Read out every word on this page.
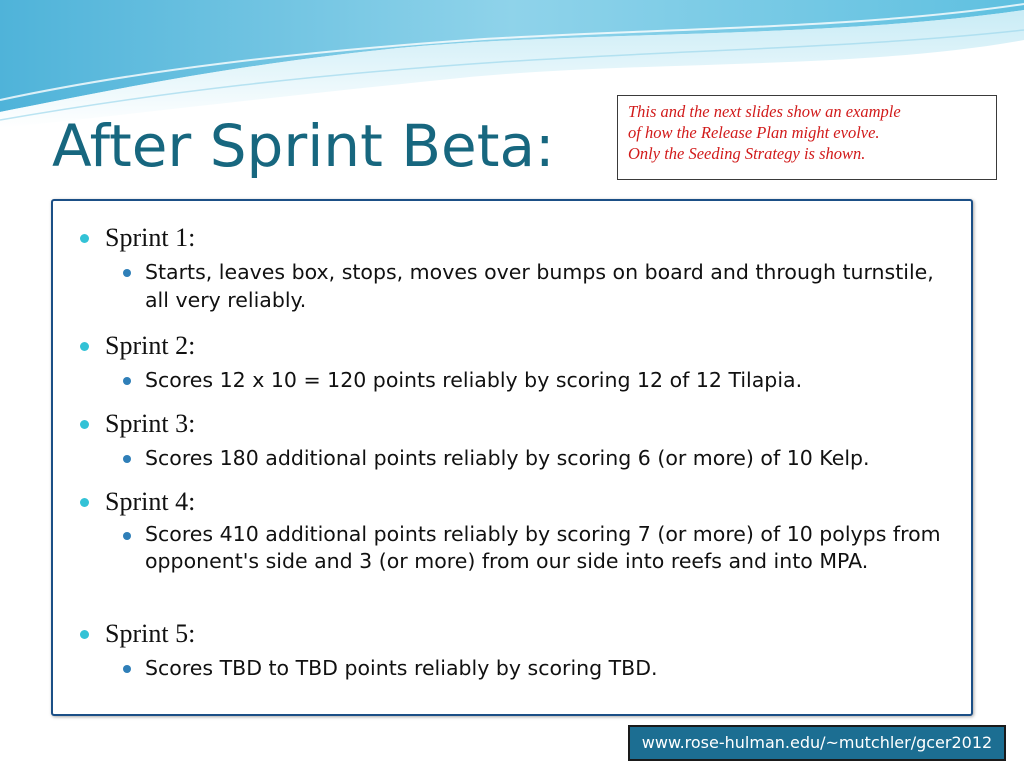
After Sprint Beta:
This and the next slides show an example
of how the Release Plan might evolve.
Only the Seeding Strategy is shown.
Sprint 1:
Starts, leaves box, stops, moves over bumps on board and through turnstile, all very reliably.
Sprint 2:
Scores 12 x 10 = 120 points reliably by scoring 12 of 12 Tilapia.
Sprint 3:
Scores 180 additional points reliably by scoring 6 (or more) of 10 Kelp.
Sprint 4:
Scores 410 additional points reliably by scoring 7 (or more) of 10 polyps from opponent's side and 3 (or more) from our side into reefs and into MPA.
Sprint 5:
Scores TBD to TBD points reliably by scoring TBD.
www.rose-hulman.edu/~mutchler/gcer2012
